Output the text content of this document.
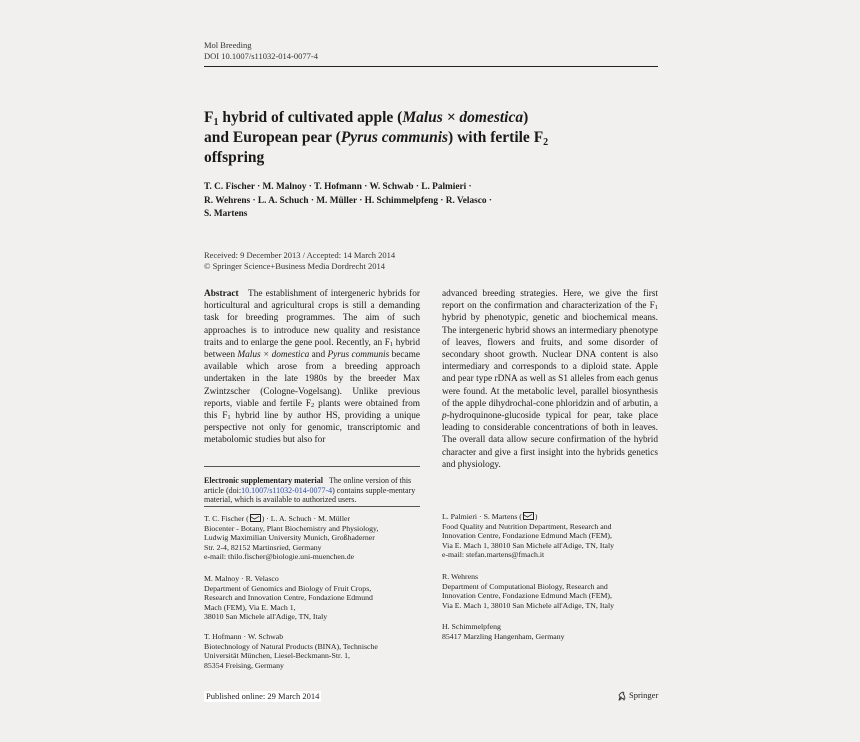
Mol Breeding
DOI 10.1007/s11032-014-0077-4
$F_1$ hybrid of cultivated apple (Malus × domestica)
and European pear (Pyrus communis) with fertile $F_2$
offspring
T. C. Fischer · M. Malnoy · T. Hofmann · W. Schwab · L. Palmieri ·
R. Wehrens · L. A. Schuch · M. Müller · H. Schimmelpfeng · R. Velasco ·
S. Martens
Received: 9 December 2013 / Accepted: 14 March 2014
© Springer Science+Business Media Dordrecht 2014
Abstract The establishment of intergeneric hybrids for horticultural and agricultural crops is still a demanding task for breeding programmes. The aim of such approaches is to introduce new quality and resistance traits and to enlarge the gene pool. Recently, an $F_1$ hybrid between Malus × domestica and Pyrus communis became available which arose from a breeding approach undertaken in the late 1980s by the breeder Max Zwintzscher (Cologne-Vogelsang). Unlike previous reports, viable and fertile $F_2$ plants were obtained from this $F_1$ hybrid line by author HS, providing a unique perspective not only for genomic, transcriptomic and metabolomic studies but also for
advanced breeding strategies. Here, we give the first report on the confirmation and characterization of the $F_1$ hybrid by phenotypic, genetic and biochemical means. The intergeneric hybrid shows an intermediary phenotype of leaves, flowers and fruits, and some disorder of secondary shoot growth. Nuclear DNA content is also intermediary and corresponds to a diploid state. Apple and pear type rDNA as well as S1 alleles from each genus were found. At the metabolic level, parallel biosynthesis of the apple dihydrochal-cone phloridzin and of arbutin, a p-hydroquinone-glucoside typical for pear, take place leading to considerable concentrations of both in leaves. The overall data allow secure confirmation of the hybrid character and give a first insight into the hybrids genetics and physiology.
Electronic supplementary material The online version of this article (doi:10.1007/s11032-014-0077-4) contains supple-mentary material, which is available to authorized users.
T. C. Fischer ( ) · L. A. Schuch · M. Müller
Biocenter - Botany, Plant Biochemistry and Physiology,
Ludwig Maximilian University Munich, Großhaderner
Str. 2-4, 82152 Martinsried, Germany
e-mail: thilo.fischer@biologie.uni-muenchen.de
M. Malnoy · R. Velasco
Department of Genomics and Biology of Fruit Crops,
Research and Innovation Centre, Fondazione Edmund
Mach (FEM), Via E. Mach 1,
38010 San Michele all'Adige, TN, Italy
T. Hofmann · W. Schwab
Biotechnology of Natural Products (BINA), Technische
Universität München, Liesel-Beckmann-Str. 1,
85354 Freising, Germany
L. Palmieri · S. Martens ( )
Food Quality and Nutrition Department, Research and
Innovation Centre, Fondazione Edmund Mach (FEM),
Via E. Mach 1, 38010 San Michele all'Adige, TN, Italy
e-mail: stefan.martens@fmach.it
R. Wehrens
Department of Computational Biology, Research and
Innovation Centre, Fondazione Edmund Mach (FEM),
Via E. Mach 1, 38010 San Michele all'Adige, TN, Italy
H. Schimmelpfeng
85417 Marzling Hangenham, Germany
Published online: 29 March 2014	Springer
